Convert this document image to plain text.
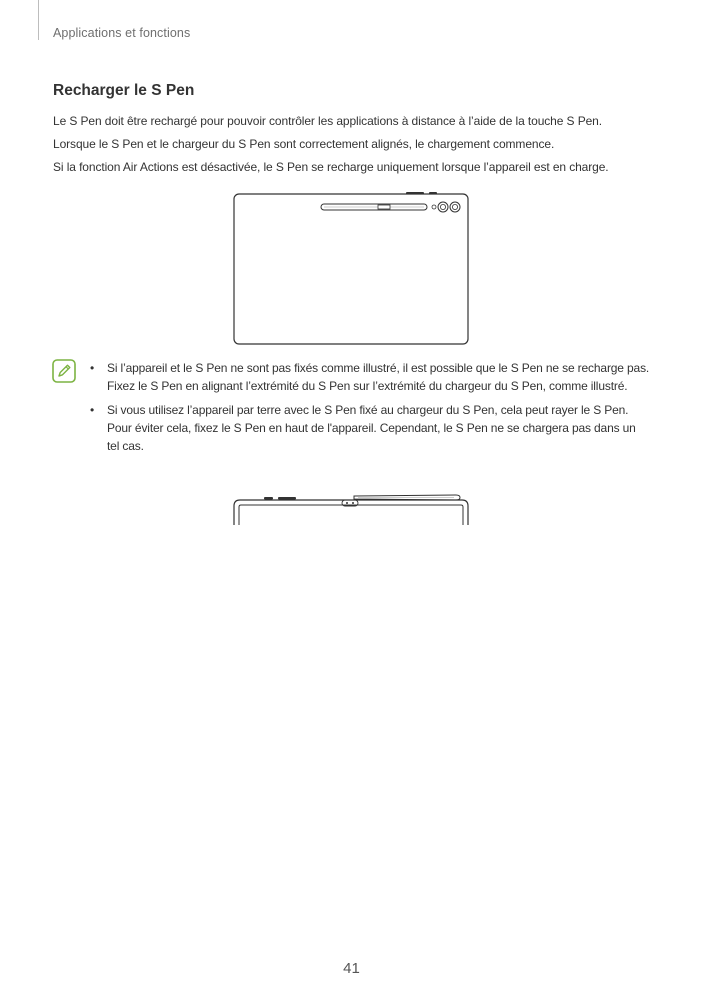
Applications et fonctions
Recharger le S Pen

Le S Pen doit être rechargé pour pouvoir contrôler les applications à distance à l’aide de la touche S Pen.

Lorsque le S Pen et le chargeur du S Pen sont correctement alignés, le chargement commence.

Si la fonction Air Actions est désactivée, le S Pen se recharge uniquement lorsque l’appareil est en charge.

• Si l’appareil et le S Pen ne sont pas fixés comme illustré, il est possible que le S Pen ne se recharge pas. Fixez le S Pen en alignant l’extrémité du S Pen sur l’extrémité du chargeur du S Pen, comme illustré.
• Si vous utilisez l’appareil par terre avec le S Pen fixé au chargeur du S Pen, cela peut rayer le S Pen. Pour éviter cela, fixez le S Pen en haut de l'appareil. Cependant, le S Pen ne se chargera pas dans un tel cas.
41
